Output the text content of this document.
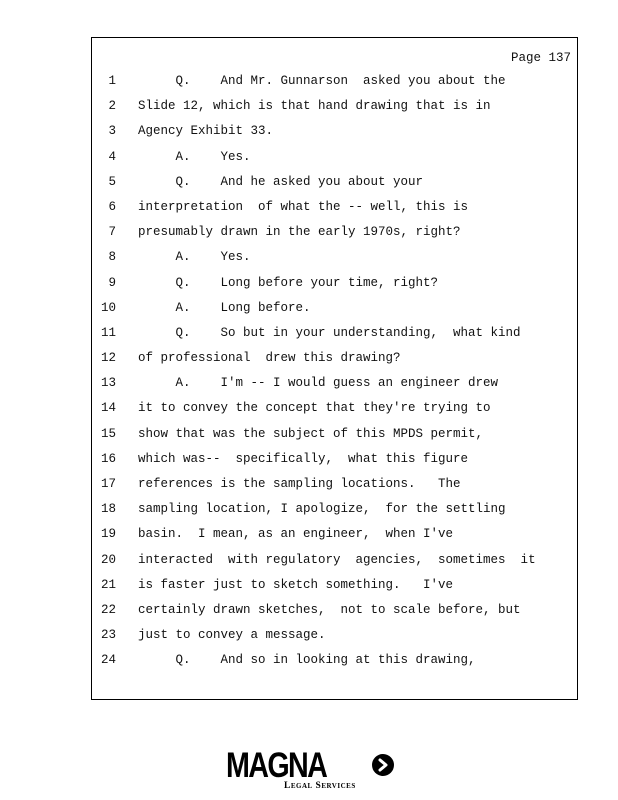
Page 137
1 Q.    And Mr. Gunnarson  asked you about the
2 Slide 12, which is that hand drawing that is in
3 Agency Exhibit 33.
4 A.    Yes.
5 Q.    And he asked you about your
6 interpretation  of what the -- well, this is
7 presumably drawn in the early 1970s, right?
8 A.    Yes.
9 Q.    Long before your time, right?
10 A.    Long before.
11 Q.    So but in your understanding,  what kind
12 of professional  drew this drawing?
13 A.    I'm -- I would guess an engineer drew
14 it to convey the concept that they're trying to
15 show that was the subject of this MPDS permit,
16 which was--  specifically,  what this figure
17 references is the sampling locations.   The
18 sampling location, I apologize,  for the settling
19 basin.  I mean, as an engineer,  when I've
20 interacted  with regulatory  agencies,  sometimes  it
21 is faster just to sketch something.   I've
22 certainly drawn sketches,  not to scale before, but
23 just to convey a message.
24 Q.    And so in looking at this drawing,
MAGNA
Legal Services
